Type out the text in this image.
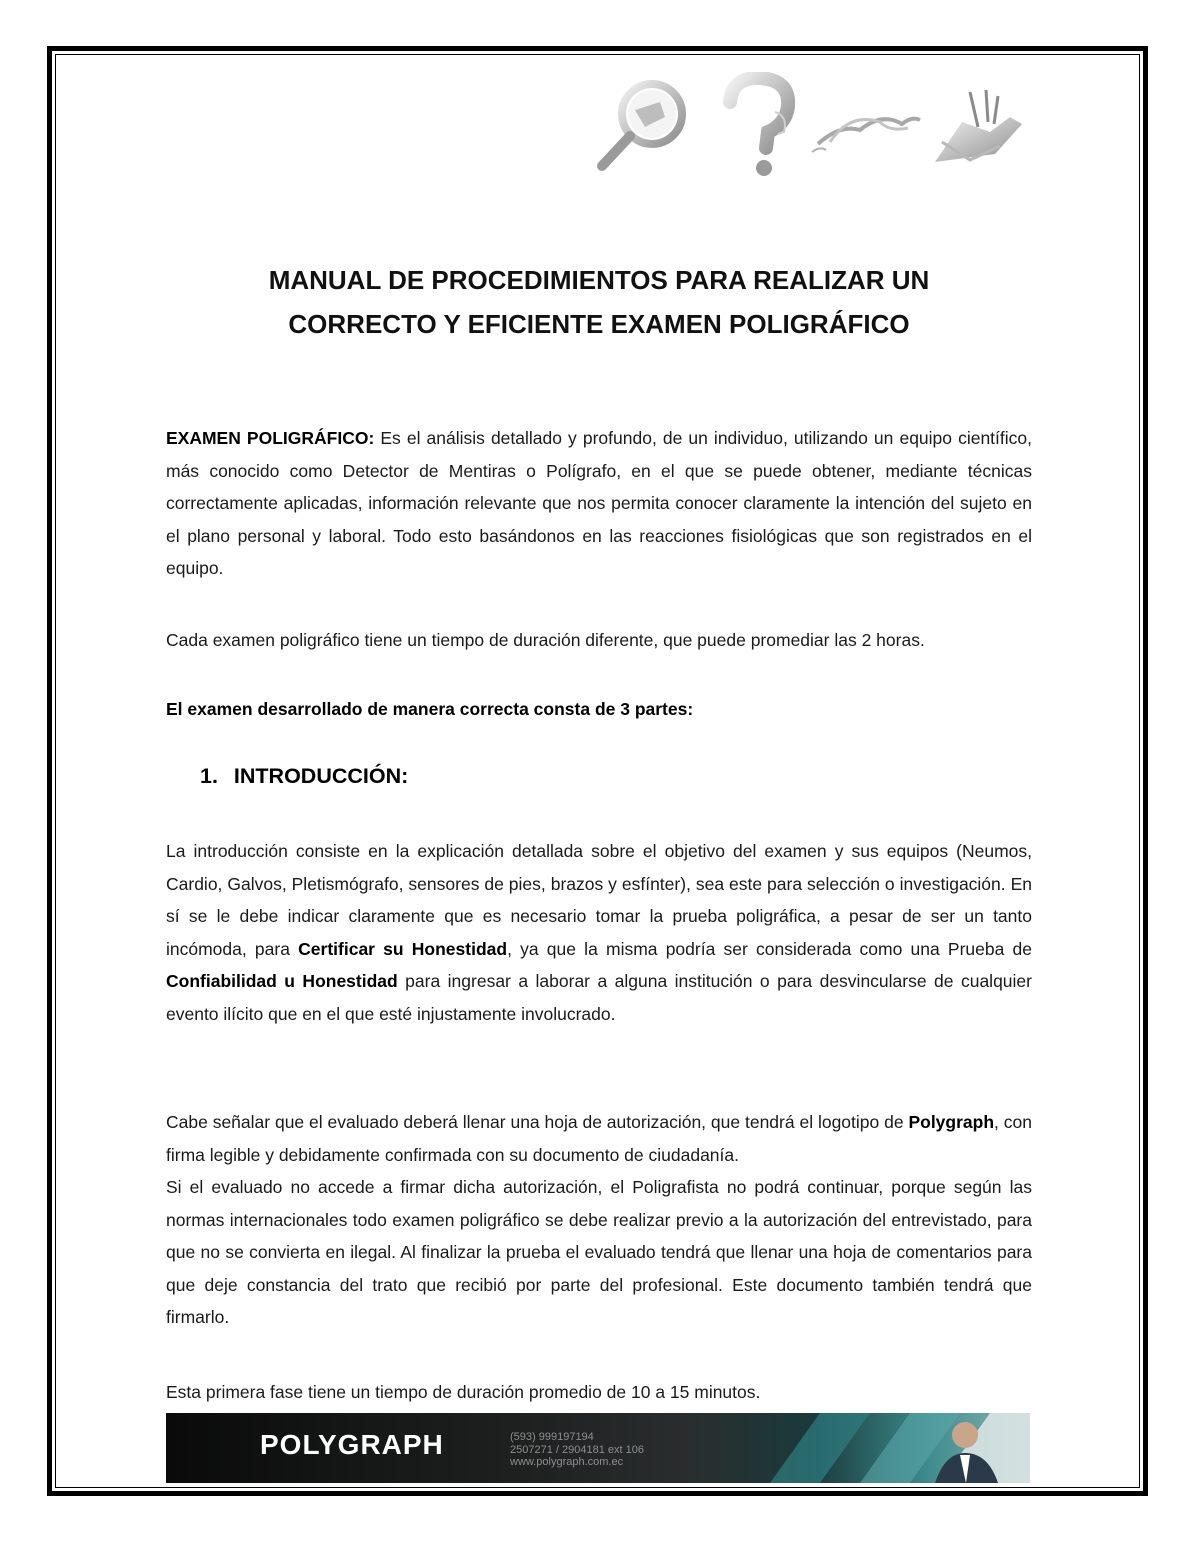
MANUAL DE PROCEDIMIENTOS PARA REALIZAR UN
CORRECTO Y EFICIENTE EXAMEN POLIGRÁFICO

EXAMEN POLIGRÁFICO: Es el análisis detallado y profundo, de un individuo, utilizando un equipo científico, más conocido como Detector de Mentiras o Polígrafo, en el que se puede obtener, mediante técnicas correctamente aplicadas, información relevante que nos permita conocer claramente la intención del sujeto en el plano personal y laboral. Todo esto basándonos en las reacciones fisiológicas que son registrados en el equipo.

Cada examen poligráfico tiene un tiempo de duración diferente, que puede promediar las 2 horas.
El examen desarrollado de manera correcta consta de 3 partes:
1. INTRODUCCIÓN:

La introducción consiste en la explicación detallada sobre el objetivo del examen y sus equipos (Neumos, Cardio, Galvos, Pletismógrafo, sensores de pies, brazos y esfínter), sea este para selección o investigación. En sí se le debe indicar claramente que es necesario tomar la prueba poligráfica, a pesar de ser un tanto incómoda, para Certificar su Honestidad, ya que la misma podría ser considerada como una Prueba de Confiabilidad u Honestidad para ingresar a laborar a alguna institución o para desvincularse de cualquier evento ilícito que en el que esté injustamente involucrado.

Cabe señalar que el evaluado deberá llenar una hoja de autorización, que tendrá el logotipo de Polygraph, con firma legible y debidamente confirmada con su documento de ciudadanía.

Si el evaluado no accede a firmar dicha autorización, el Poligrafista no podrá continuar, porque según las normas internacionales todo examen poligráfico se debe realizar previo a la autorización del entrevistado, para que no se convierta en ilegal. Al finalizar la prueba el evaluado tendrá que llenar una hoja de comentarios para que deje constancia del trato que recibió por parte del profesional. Este documento también tendrá que firmarlo.

Esta primera fase tiene un tiempo de duración promedio de 10 a 15 minutos.
POLYGRAPH	(593) 999197194
2507271 / 2904181 ext 106
www.polygraph.com.ec
